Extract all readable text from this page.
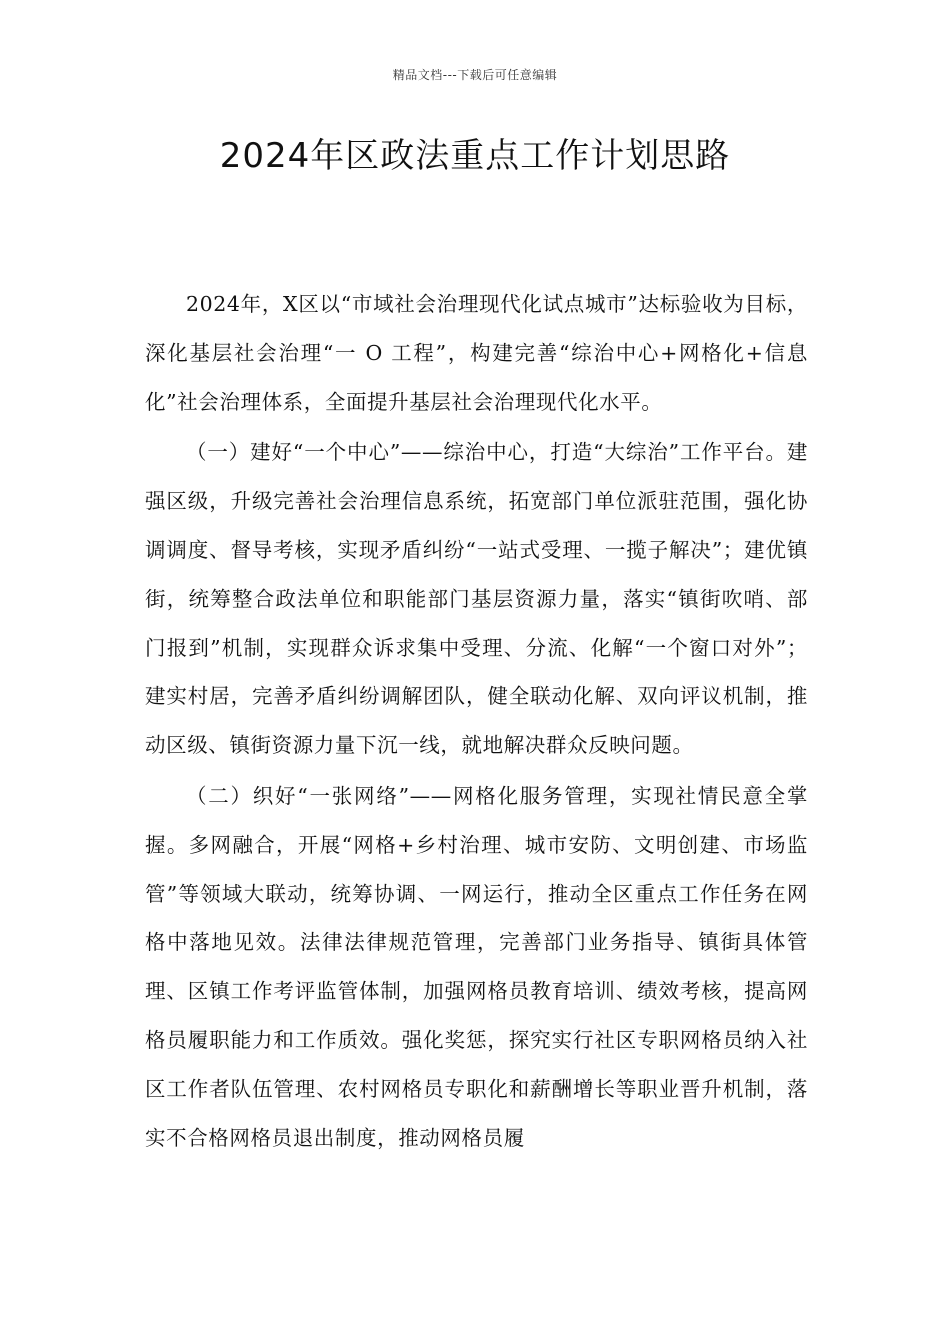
精品文档---下载后可任意编辑
2024年区政法重点工作计划思路

2024年，X区以“市域社会治理现代化试点城市”达标验收为目标，深化基层社会治理“一 O 工程”，构建完善“综治中心+网格化+信息化”社会治理体系，全面提升基层社会治理现代化水平。

（一）建好“一个中心”——综治中心，打造“大综治”工作平台。建强区级，升级完善社会治理信息系统，拓宽部门单位派驻范围，强化协调调度、督导考核，实现矛盾纠纷“一站式受理、一揽子解决”；建优镇街，统筹整合政法单位和职能部门基层资源力量，落实“镇街吹哨、部门报到”机制，实现群众诉求集中受理、分流、化解“一个窗口对外”；建实村居，完善矛盾纠纷调解团队，健全联动化解、双向评议机制，推动区级、镇街资源力量下沉一线，就地解决群众反映问题。

（二）织好“一张网络”——网格化服务管理，实现社情民意全掌握。多网融合，开展“网格+乡村治理、城市安防、文明创建、市场监管”等领域大联动，统筹协调、一网运行，推动全区重点工作任务在网格中落地见效。法律法律规范管理，完善部门业务指导、镇街具体管理、区镇工作考评监管体制，加强网格员教育培训、绩效考核，提高网格员履职能力和工作质效。强化奖惩，探究实行社区专职网格员纳入社区工作者队伍管理、农村网格员专职化和薪酬增长等职业晋升机制，落实不合格网格员退出制度，推动网格员履
